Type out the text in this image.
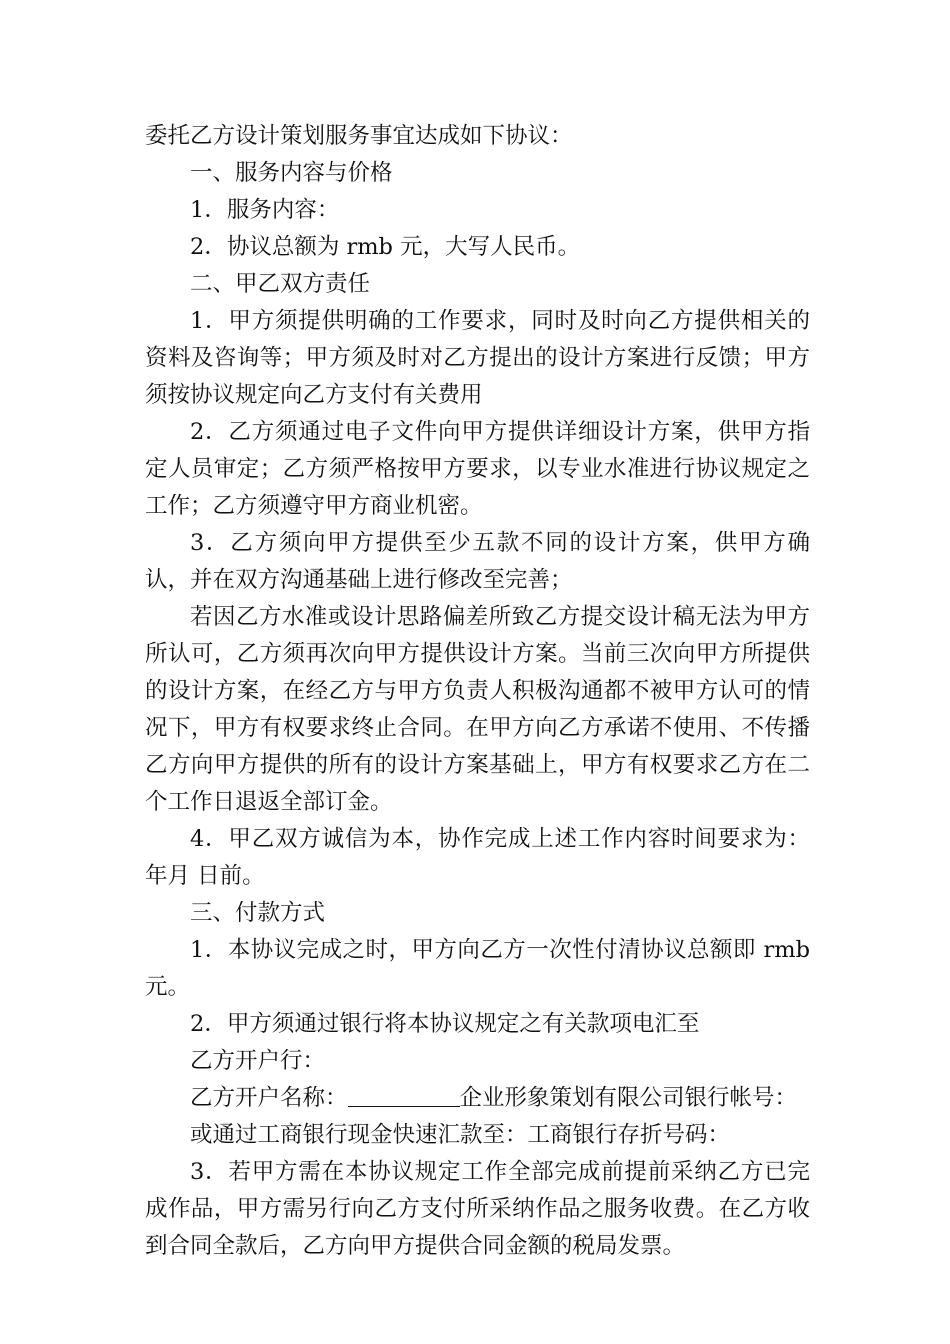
委托乙方设计策划服务事宜达成如下协议：

一、服务内容与价格

1．服务内容：

2．协议总额为 rmb 元，大写人民币。

二、甲乙双方责任

1．甲方须提供明确的工作要求，同时及时向乙方提供相关的资料及咨询等；甲方须及时对乙方提出的设计方案进行反馈；甲方须按协议规定向乙方支付有关费用

2．乙方须通过电子文件向甲方提供详细设计方案，供甲方指定人员审定；乙方须严格按甲方要求，以专业水准进行协议规定之工作；乙方须遵守甲方商业机密。

3．乙方须向甲方提供至少五款不同的设计方案，供甲方确认，并在双方沟通基础上进行修改至完善；

若因乙方水准或设计思路偏差所致乙方提交设计稿无法为甲方所认可，乙方须再次向甲方提供设计方案。当前三次向甲方所提供的设计方案，在经乙方与甲方负责人积极沟通都不被甲方认可的情况下，甲方有权要求终止合同。在甲方向乙方承诺不使用、不传播乙方向甲方提供的所有的设计方案基础上，甲方有权要求乙方在二个工作日退返全部订金。

4．甲乙双方诚信为本，协作完成上述工作内容时间要求为：年月 日前。

三、付款方式

1．本协议完成之时，甲方向乙方一次性付清协议总额即 rmb 元。

2．甲方须通过银行将本协议规定之有关款项电汇至

乙方开户行：

乙方开户名称：	企业形象策划有限公司银行帐号：

或通过工商银行现金快速汇款至：工商银行存折号码：

3．若甲方需在本协议规定工作全部完成前提前采纳乙方已完成作品，甲方需另行向乙方支付所采纳作品之服务收费。在乙方收到合同全款后，乙方向甲方提供合同金额的税局发票。
